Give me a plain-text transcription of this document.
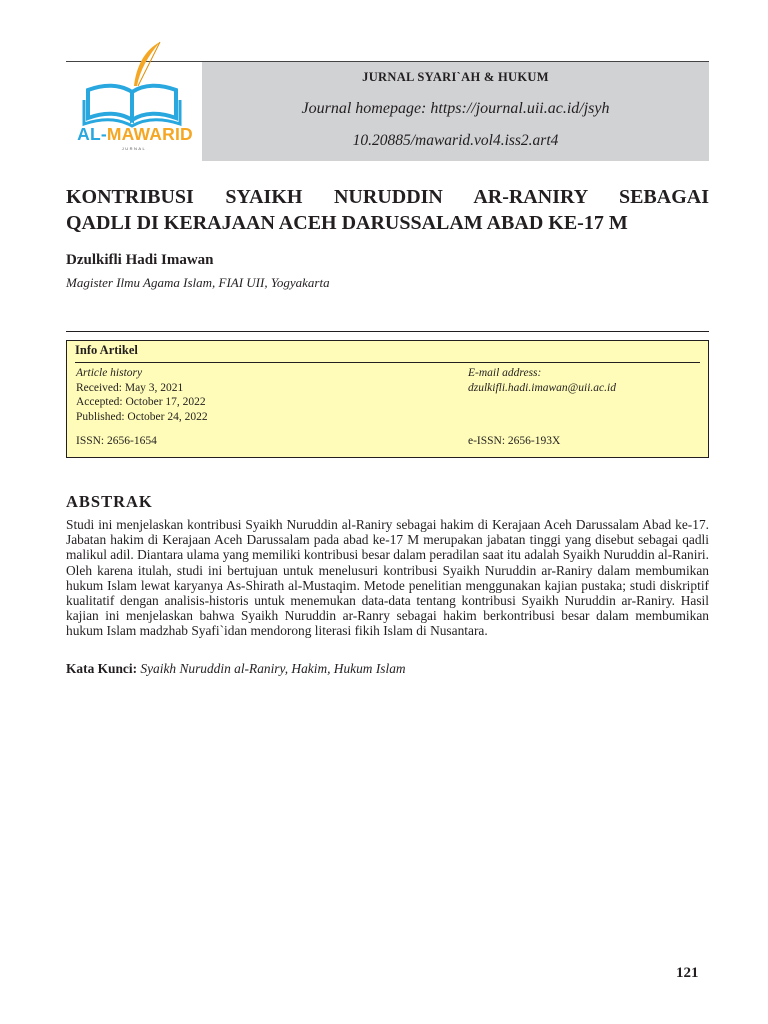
AL-MAWARID
JURNAL
JURNAL SYARI`AH & HUKUM
Journal homepage: https://journal.uii.ac.id/jsyh
10.20885/mawarid.vol4.iss2.art4
KONTRIBUSI SYAIKH NURUDDIN AR-RANIRY SEBAGAI
QADLI DI KERAJAAN ACEH DARUSSALAM ABAD KE-17 M
Dzulkifli Hadi Imawan
Magister Ilmu Agama Islam, FIAI UII, Yogyakarta
Info Artikel
Article history
Received: May 3, 2021
Accepted: October 17, 2022
Published: October 24, 2022
E-mail address:
dzulkifli.hadi.imawan@uii.ac.id
ISSN: 2656-1654	e-ISSN: 2656-193X
ABSTRAK
Studi ini menjelaskan kontribusi Syaikh Nuruddin al-Raniry sebagai hakim di Kerajaan Aceh Darussalam Abad ke-17. Jabatan hakim di Kerajaan Aceh Darussalam pada abad ke-17 M merupakan jabatan tinggi yang disebut sebagai qadli malikul adil. Diantara ulama yang memiliki kontribusi besar dalam peradilan saat itu adalah Syaikh Nuruddin al-Raniri. Oleh karena itulah, studi ini bertujuan untuk menelusuri kontribusi Syaikh Nuruddin ar-Raniry dalam membumikan hukum Islam lewat karyanya As-Shirath al-Mustaqim. Metode penelitian menggunakan kajian pustaka; studi diskriptif kualitatif dengan analisis-historis untuk menemukan data-data tentang kontribusi Syaikh Nuruddin ar-Raniry. Hasil kajian ini menjelaskan bahwa Syaikh Nuruddin ar-Ranry sebagai hakim berkontribusi besar dalam membumikan hukum Islam madzhab Syafi`idan mendorong literasi fikih Islam di Nusantara.
Kata Kunci: Syaikh Nuruddin al-Raniry, Hakim, Hukum Islam
121
